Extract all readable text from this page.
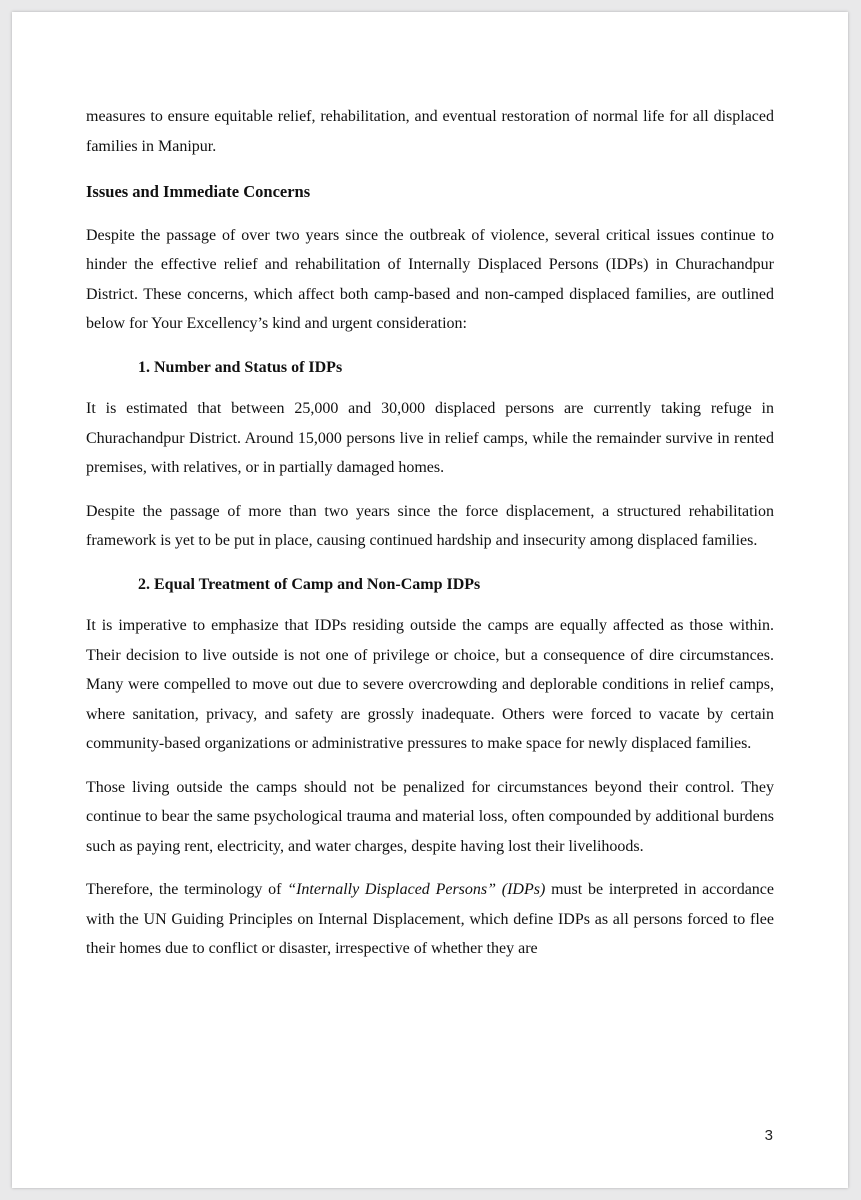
measures to ensure equitable relief, rehabilitation, and eventual restoration of normal life for all displaced families in Manipur.

Issues and Immediate Concerns

Despite the passage of over two years since the outbreak of violence, several critical issues continue to hinder the effective relief and rehabilitation of Internally Displaced Persons (IDPs) in Churachandpur District. These concerns, which affect both camp-based and non-camped displaced families, are outlined below for Your Excellency’s kind and urgent consideration:

1. Number and Status of IDPs

It is estimated that between 25,000 and 30,000 displaced persons are currently taking refuge in Churachandpur District. Around 15,000 persons live in relief camps, while the remainder survive in rented premises, with relatives, or in partially damaged homes.

Despite the passage of more than two years since the force displacement, a structured rehabilitation framework is yet to be put in place, causing continued hardship and insecurity among displaced families.

2. Equal Treatment of Camp and Non-Camp IDPs

It is imperative to emphasize that IDPs residing outside the camps are equally affected as those within. Their decision to live outside is not one of privilege or choice, but a consequence of dire circumstances. Many were compelled to move out due to severe overcrowding and deplorable conditions in relief camps, where sanitation, privacy, and safety are grossly inadequate. Others were forced to vacate by certain community-based organizations or administrative pressures to make space for newly displaced families.

Those living outside the camps should not be penalized for circumstances beyond their control. They continue to bear the same psychological trauma and material loss, often compounded by additional burdens such as paying rent, electricity, and water charges, despite having lost their livelihoods.

Therefore, the terminology of “Internally Displaced Persons” (IDPs) must be interpreted in accordance with the UN Guiding Principles on Internal Displacement, which define IDPs as all persons forced to flee their homes due to conflict or disaster, irrespective of whether they are

3
